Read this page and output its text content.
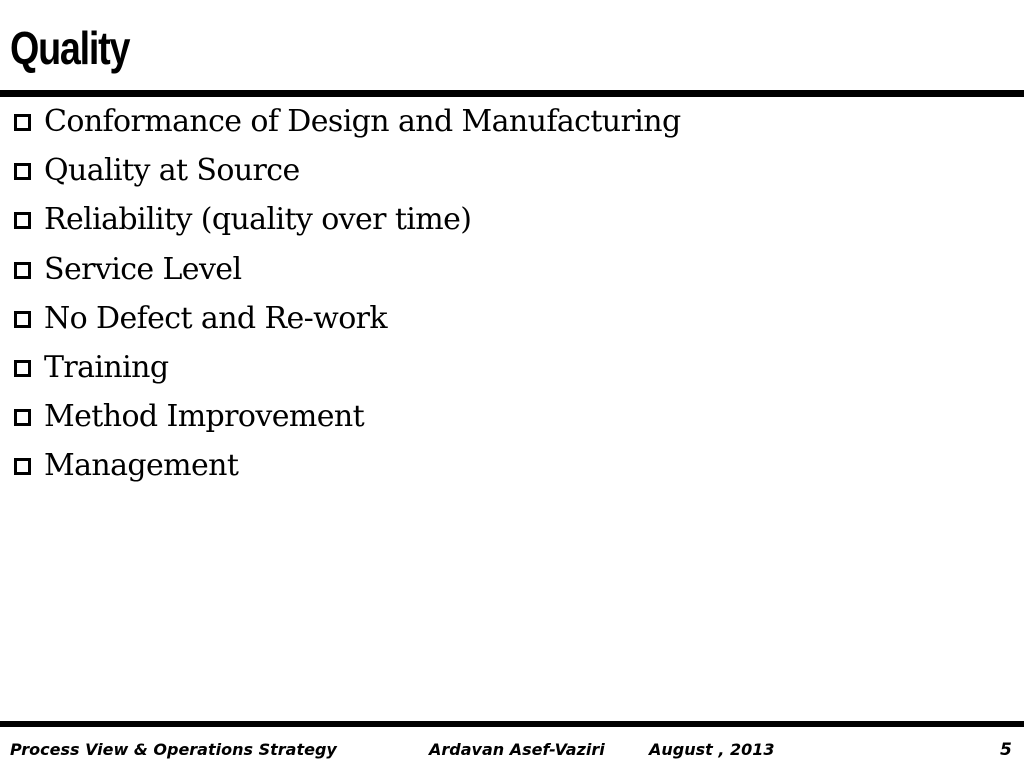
Quality
Conformance of Design and Manufacturing
Quality at Source
Reliability (quality over time)
Service Level
No Defect and Re-work
Training
Method Improvement
Management
Process View & Operations Strategy	Ardavan Asef-Vaziri	August , 2013	5
